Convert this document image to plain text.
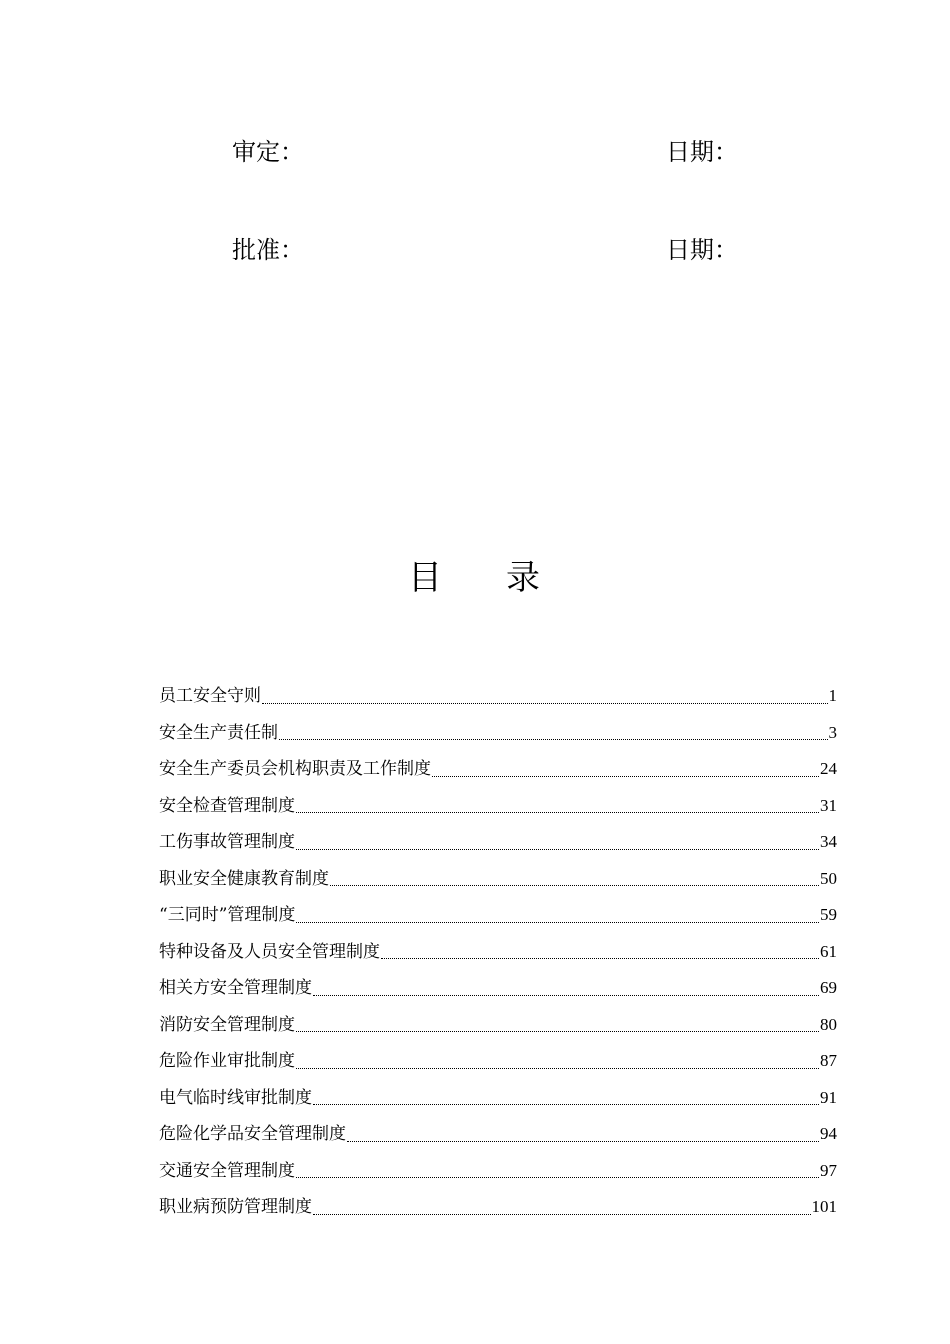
审定：	日期：
批准：	日期：
目 录
员工安全守则	1
安全生产责任制	3
安全生产委员会机构职责及工作制度	24
安全检查管理制度	31
工伤事故管理制度	34
职业安全健康教育制度	50
“三同时”管理制度	59
特种设备及人员安全管理制度	61
相关方安全管理制度	69
消防安全管理制度	80
危险作业审批制度	87
电气临时线审批制度	91
危险化学品安全管理制度	94
交通安全管理制度	97
职业病预防管理制度	101
